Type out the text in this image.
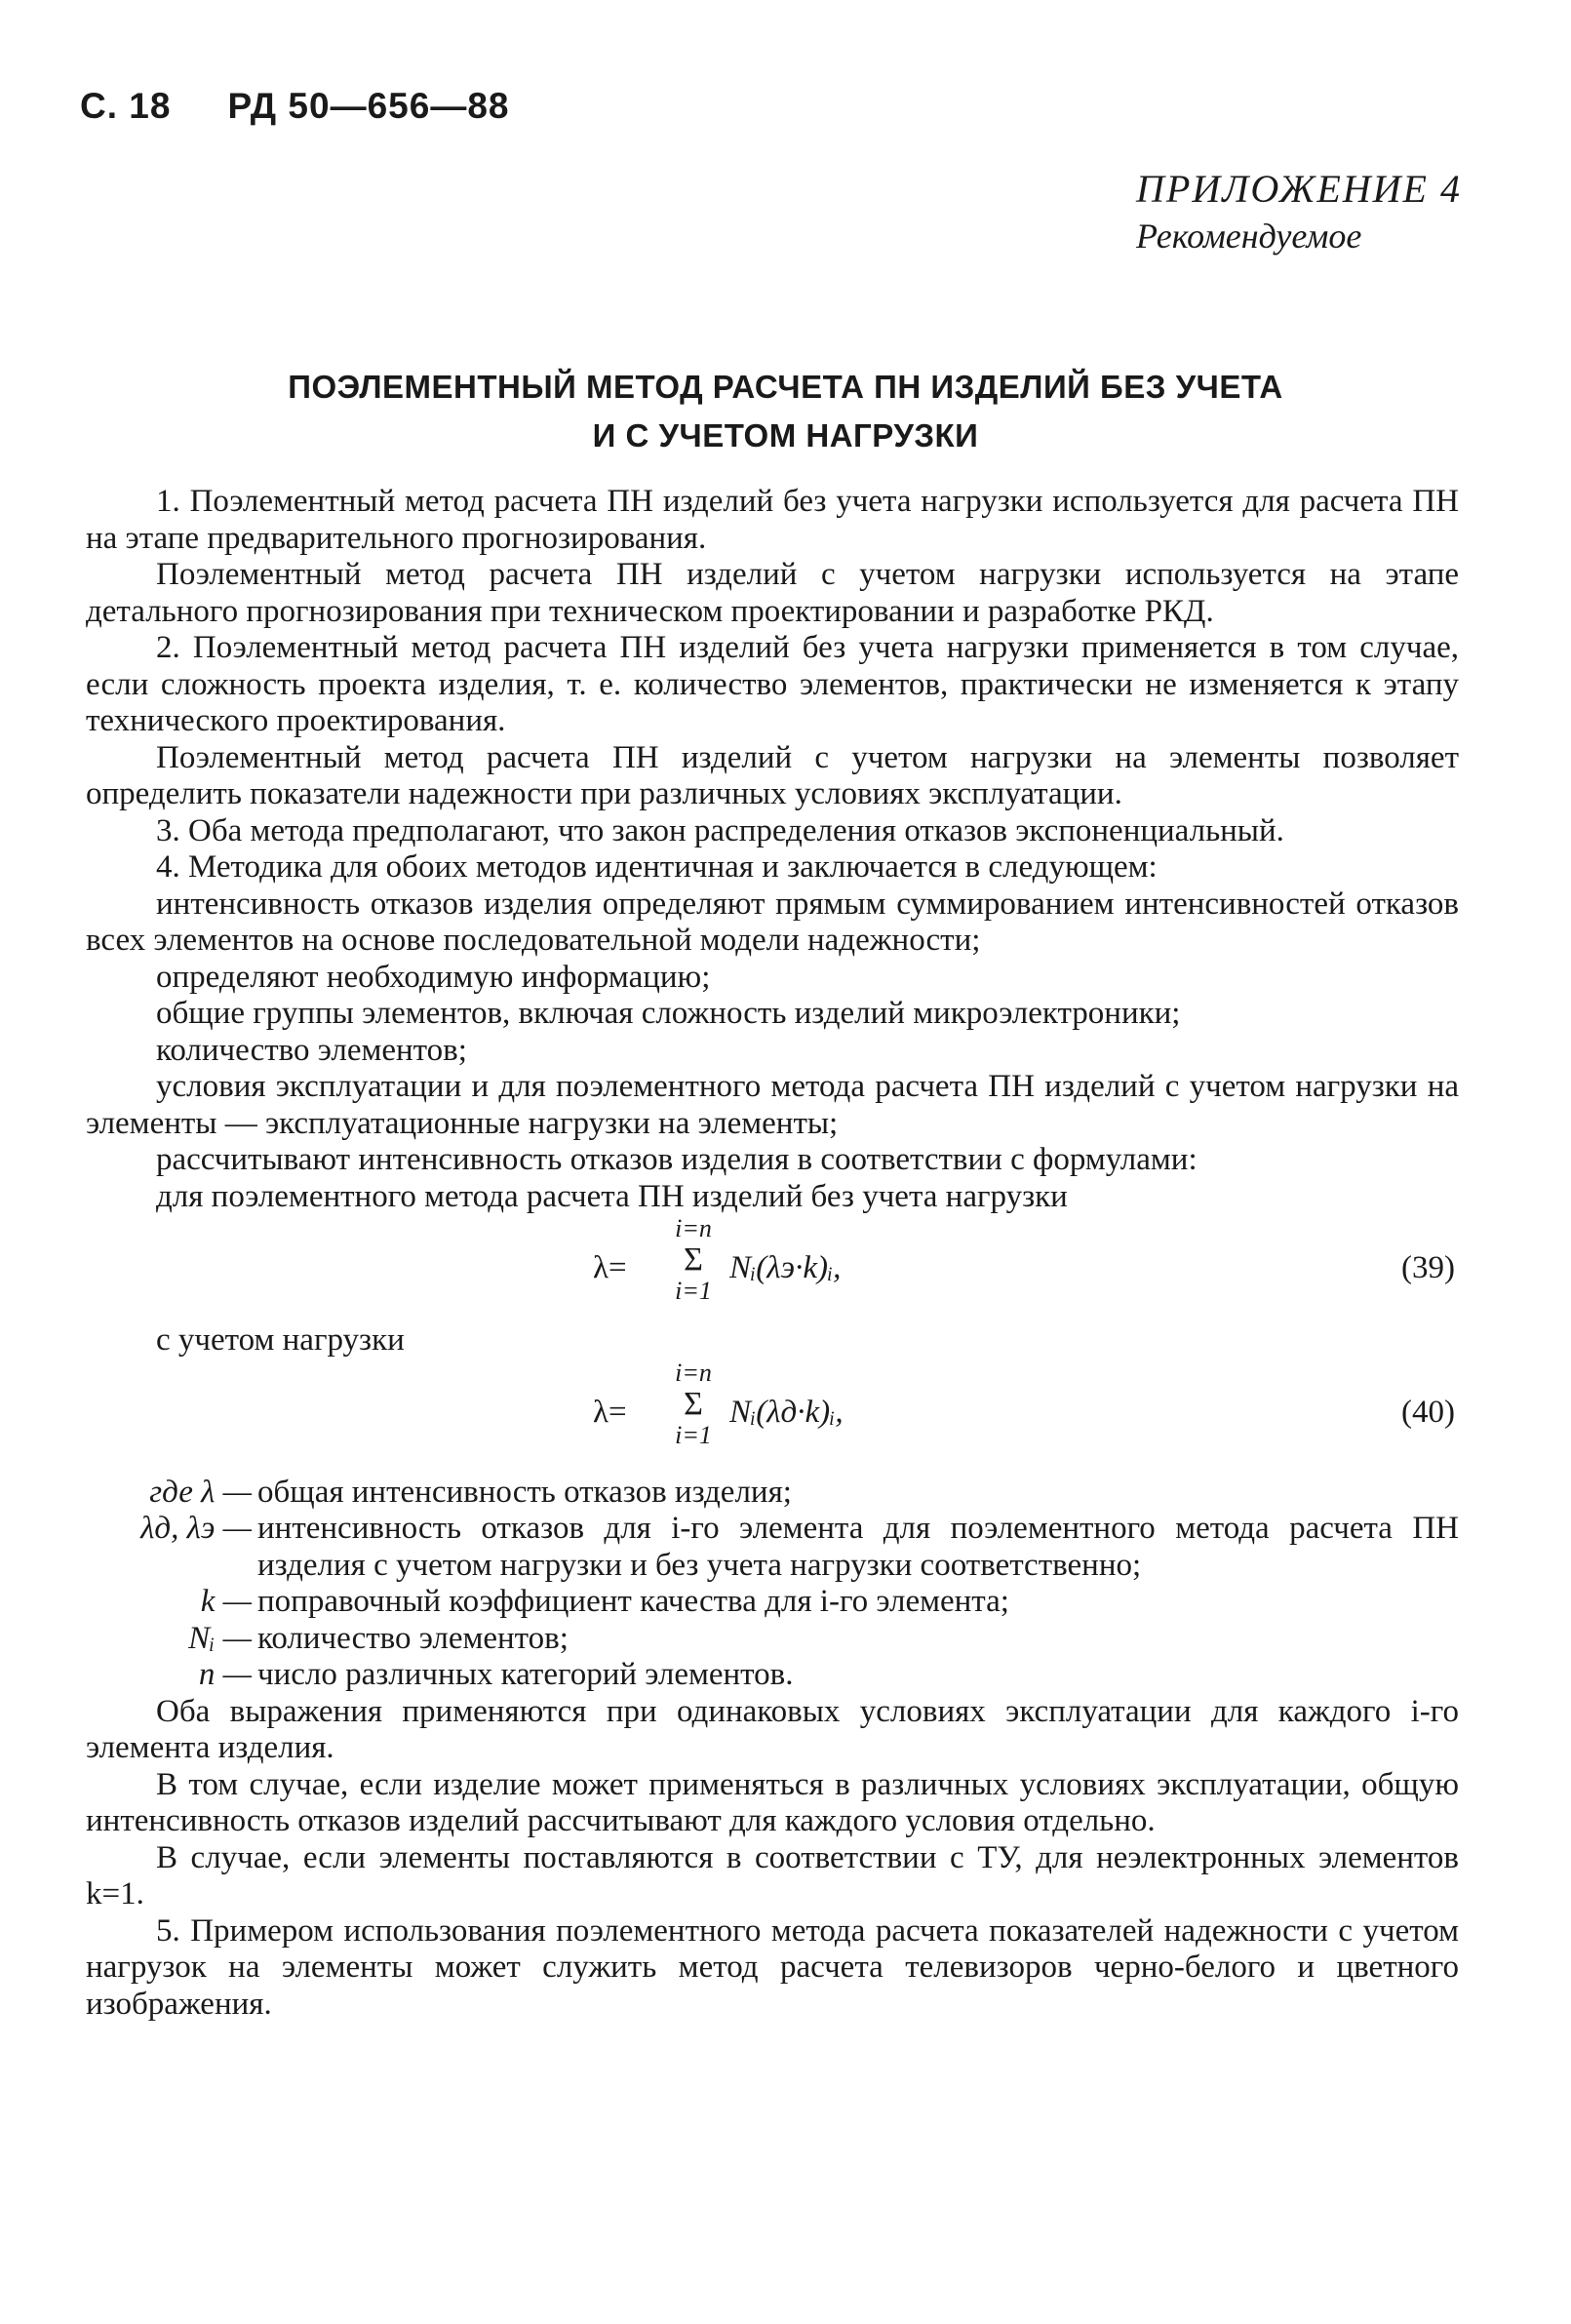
С. 18 РД 50—656—88
ПРИЛОЖЕНИЕ 4
Рекомендуемое
ПОЭЛЕМЕНТНЫЙ МЕТОД РАСЧЕТА ПН ИЗДЕЛИЙ БЕЗ УЧЕТА
И С УЧЕТОМ НАГРУЗКИ

1. Поэлементный метод расчета ПН изделий без учета нагрузки используется для расчета ПН на этапе предварительного прогнозирования.

Поэлементный метод расчета ПН изделий с учетом нагрузки используется на этапе детального прогнозирования при техническом проектировании и разработке РКД.

2. Поэлементный метод расчета ПН изделий без учета нагрузки применяется в том случае, если сложность проекта изделия, т. е. количество элементов, практически не изменяется к этапу технического проектирования.

Поэлементный метод расчета ПН изделий с учетом нагрузки на элементы позволяет определить показатели надежности при различных условиях эксплуатации.

3. Оба метода предполагают, что закон распределения отказов экспоненциальный.

4. Методика для обоих методов идентичная и заключается в следующем:

интенсивность отказов изделия определяют прямым суммированием интенсивностей отказов всех элементов на основе последовательной модели надежности;

определяют необходимую информацию;

общие группы элементов, включая сложность изделий микроэлектроники;

количество элементов;

условия эксплуатации и для поэлементного метода расчета ПН изделий с учетом нагрузки на элементы — эксплуатационные нагрузки на элементы;

рассчитывают интенсивность отказов изделия в соответствии с формулами:

для поэлементного метода расчета ПН изделий без учета нагрузки

λ=
i=n
Σ
i=1
Nᵢ(λэ·k)ᵢ,	(39)

с учетом нагрузки

λ=
i=n
Σ
i=1
Nᵢ(λд·k)ᵢ,	(40)
где λ — общая интенсивность отказов изделия;
λд, λэ — интенсивность отказов для i-го элемента для поэлементного метода расчета ПН изделия с учетом нагрузки и без учета нагрузки соответственно;
k — поправочный коэффициент качества для i-го элемента;
Nᵢ — количество элементов;
n — число различных категорий элементов.

Оба выражения применяются при одинаковых условиях эксплуатации для каждого i-го элемента изделия.

В том случае, если изделие может применяться в различных условиях эксплуатации, общую интенсивность отказов изделий рассчитывают для каждого условия отдельно.

В случае, если элементы поставляются в соответствии с ТУ, для неэлектронных элементов k=1.

5. Примером использования поэлементного метода расчета показателей надежности с учетом нагрузок на элементы может служить метод расчета телевизоров черно-белого и цветного изображения.
